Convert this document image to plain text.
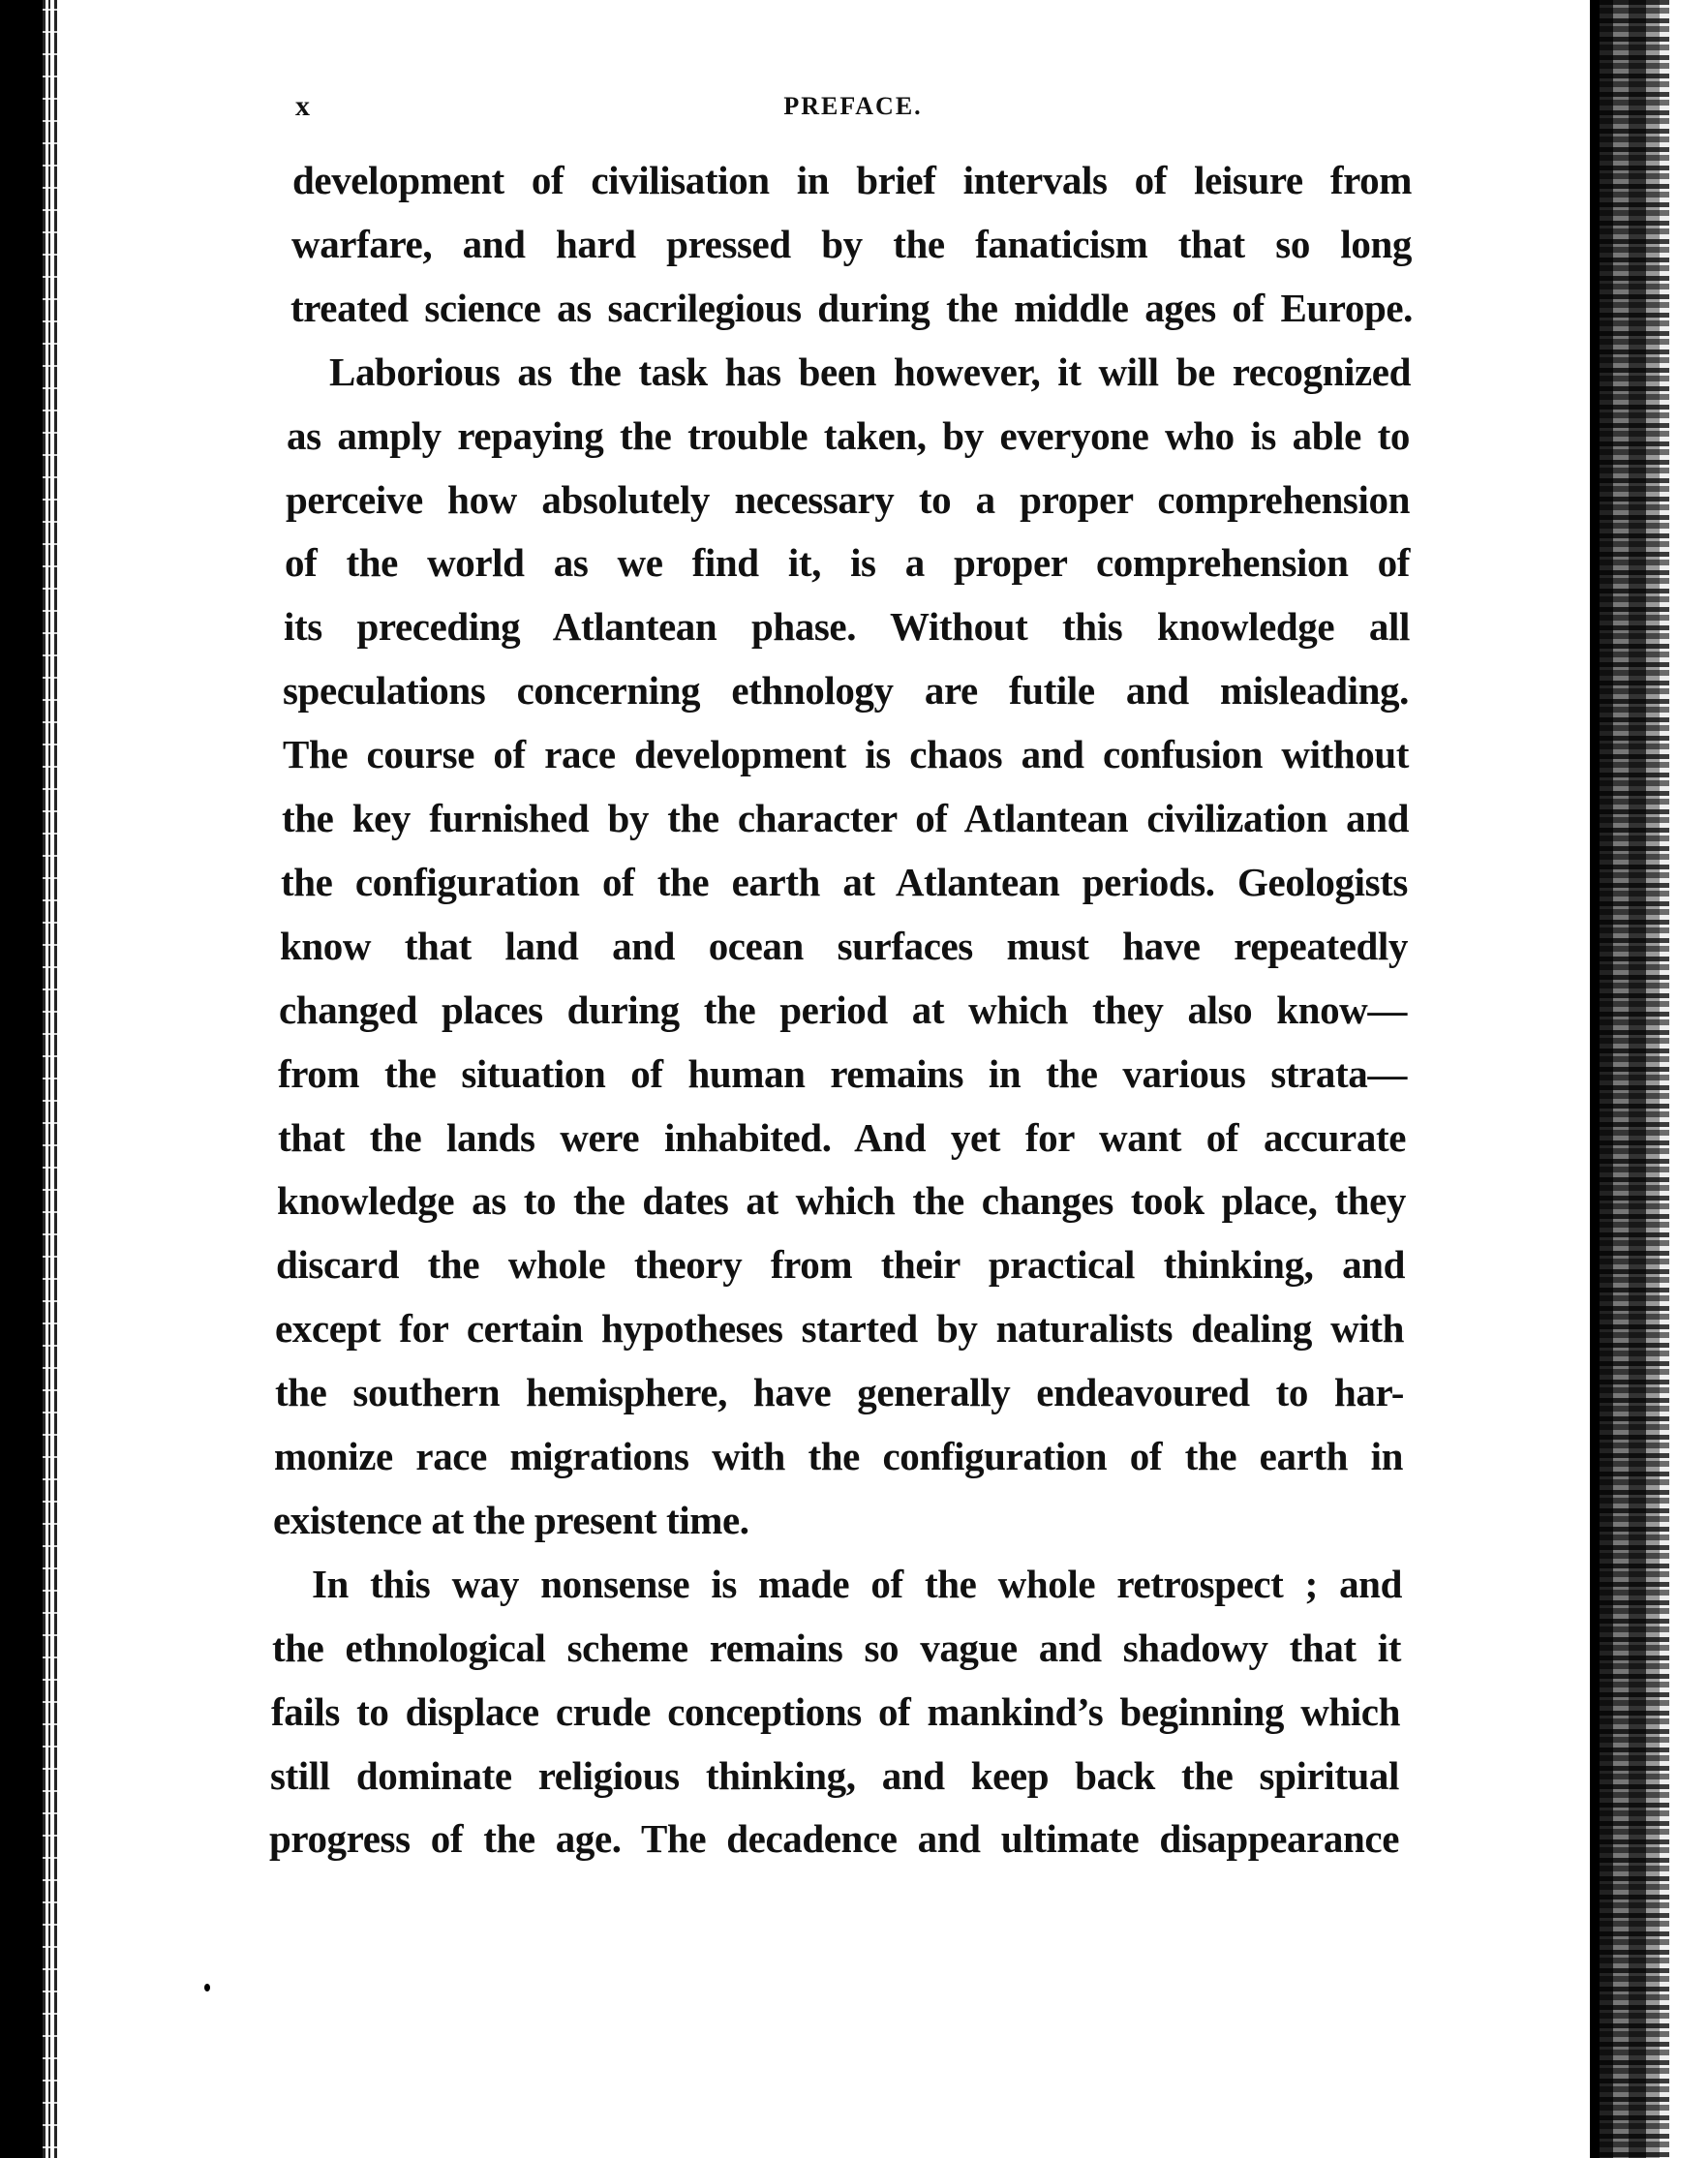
x	PREFACE.
development of civilisation in brief intervals of leisure from
warfare, and hard pressed by the fanaticism that so long
treated science as sacrilegious during the middle ages of Europe.
Laborious as the task has been however, it will be recognized
as amply repaying the trouble taken, by everyone who is able to
perceive how absolutely necessary to a proper comprehension
of the world as we find it, is a proper comprehension of
its preceding Atlantean phase. Without this knowledge all
speculations concerning ethnology are futile and misleading.
The course of race development is chaos and confusion without
the key furnished by the character of Atlantean civilization and
the configuration of the earth at Atlantean periods. Geologists
know that land and ocean surfaces must have repeatedly
changed places during the period at which they also know—
from the situation of human remains in the various strata—
that the lands were inhabited. And yet for want of accurate
knowledge as to the dates at which the changes took place, they
discard the whole theory from their practical thinking, and
except for certain hypotheses started by naturalists dealing with
the southern hemisphere, have generally endeavoured to har-
monize race migrations with the configuration of the earth in
existence at the present time.
In this way nonsense is made of the whole retrospect ; and
the ethnological scheme remains so vague and shadowy that it
fails to displace crude conceptions of mankind’s beginning which
still dominate religious thinking, and keep back the spiritual
progress of the age. The decadence and ultimate disappearance
